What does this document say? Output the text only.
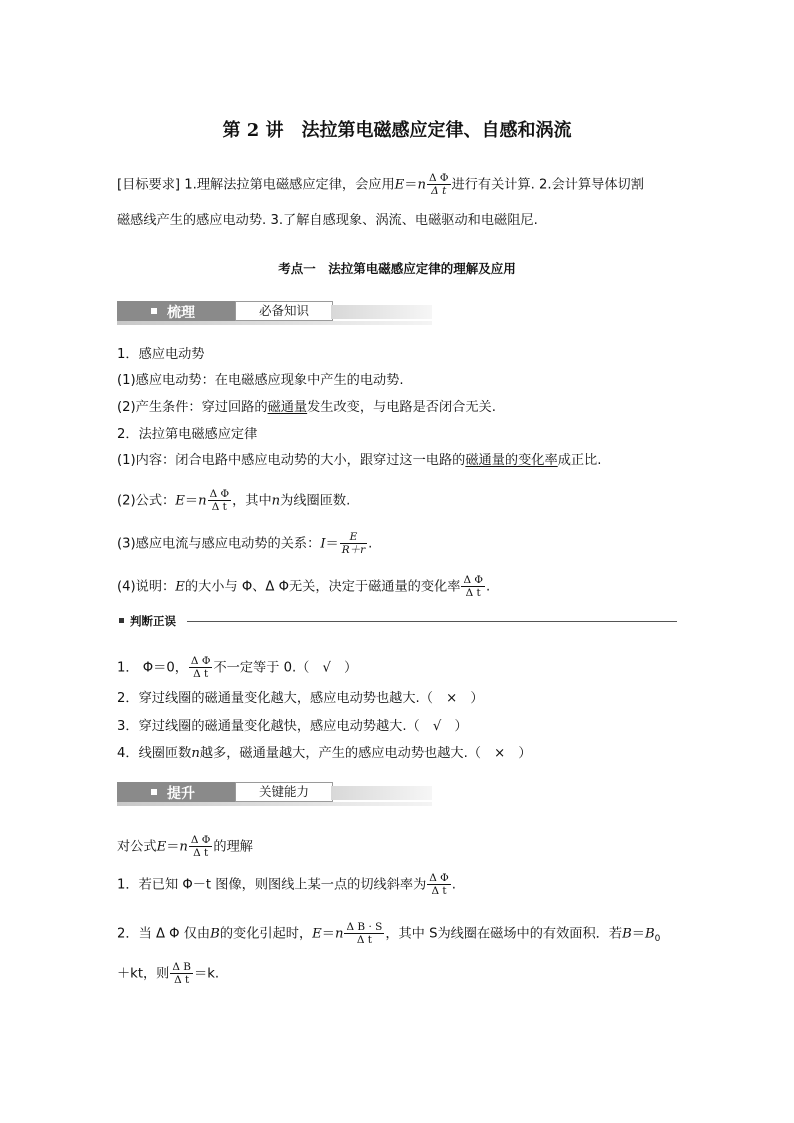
第 2 讲　法拉第电磁感应定律、自感和涡流
[目标要求] 1.理解法拉第电磁感应定律，会应用$E=n \frac{\text{Δ Φ}}{\text{Δ t}}$ 进行有关计算. 2.会计算导体切割
磁感线产生的感应电动势. 3.了解自感现象、涡流、电磁驱动和电磁阻尼.
考点一　法拉第电磁感应定律的理解及应用
梳理	必备知识
1．感应电动势
(1)感应电动势：在电磁感应现象中产生的电动势.
(2)产生条件：穿过回路的磁通量发生改变，与电路是否闭合无关.
2．法拉第电磁感应定律
(1)内容：闭合电路中感应电动势的大小，跟穿过这一电路的磁通量的变化率成正比.
(2)公式：$E=n \frac{\text{Δ Φ}}{\text{Δ t}}$ ，其中n为线圈匝数.
(3)感应电流与感应电动势的关系：$I= \frac{E}{R+r}$ .
(4)说明：E的大小与 Φ、Δ Φ无关，决定于磁通量的变化率 $\frac{\text{Δ Φ}}{\text{Δ t}}$ .
判断正误
1． Φ＝0， $\frac{\text{Δ Φ}}{\text{Δ t}}$ 不一定等于 0.（　√　）
2．穿过线圈的磁通量变化越大，感应电动势也越大.（　×　）
3．穿过线圈的磁通量变化越快，感应电动势越大.（　√　）
4．线圈匝数n越多，磁通量越大，产生的感应电动势也越大.（　×　）
提升	关键能力
对公式$E=n \frac{\text{Δ Φ}}{\text{Δ t}}$ 的理解
1．若已知 Φ－t 图像，则图线上某一点的切线斜率为 $\frac{\text{Δ Φ}}{\text{Δ t}}$ .
2．当 Δ Φ 仅由B的变化引起时，$E=n \frac{\text{Δ B · S}}{\text{Δ t}}$ ，其中 S为线圈在磁场中的有效面积．若$B=B_0$
＋kt，则 $\frac{\text{Δ B}}{\text{Δ t}} =k$.
